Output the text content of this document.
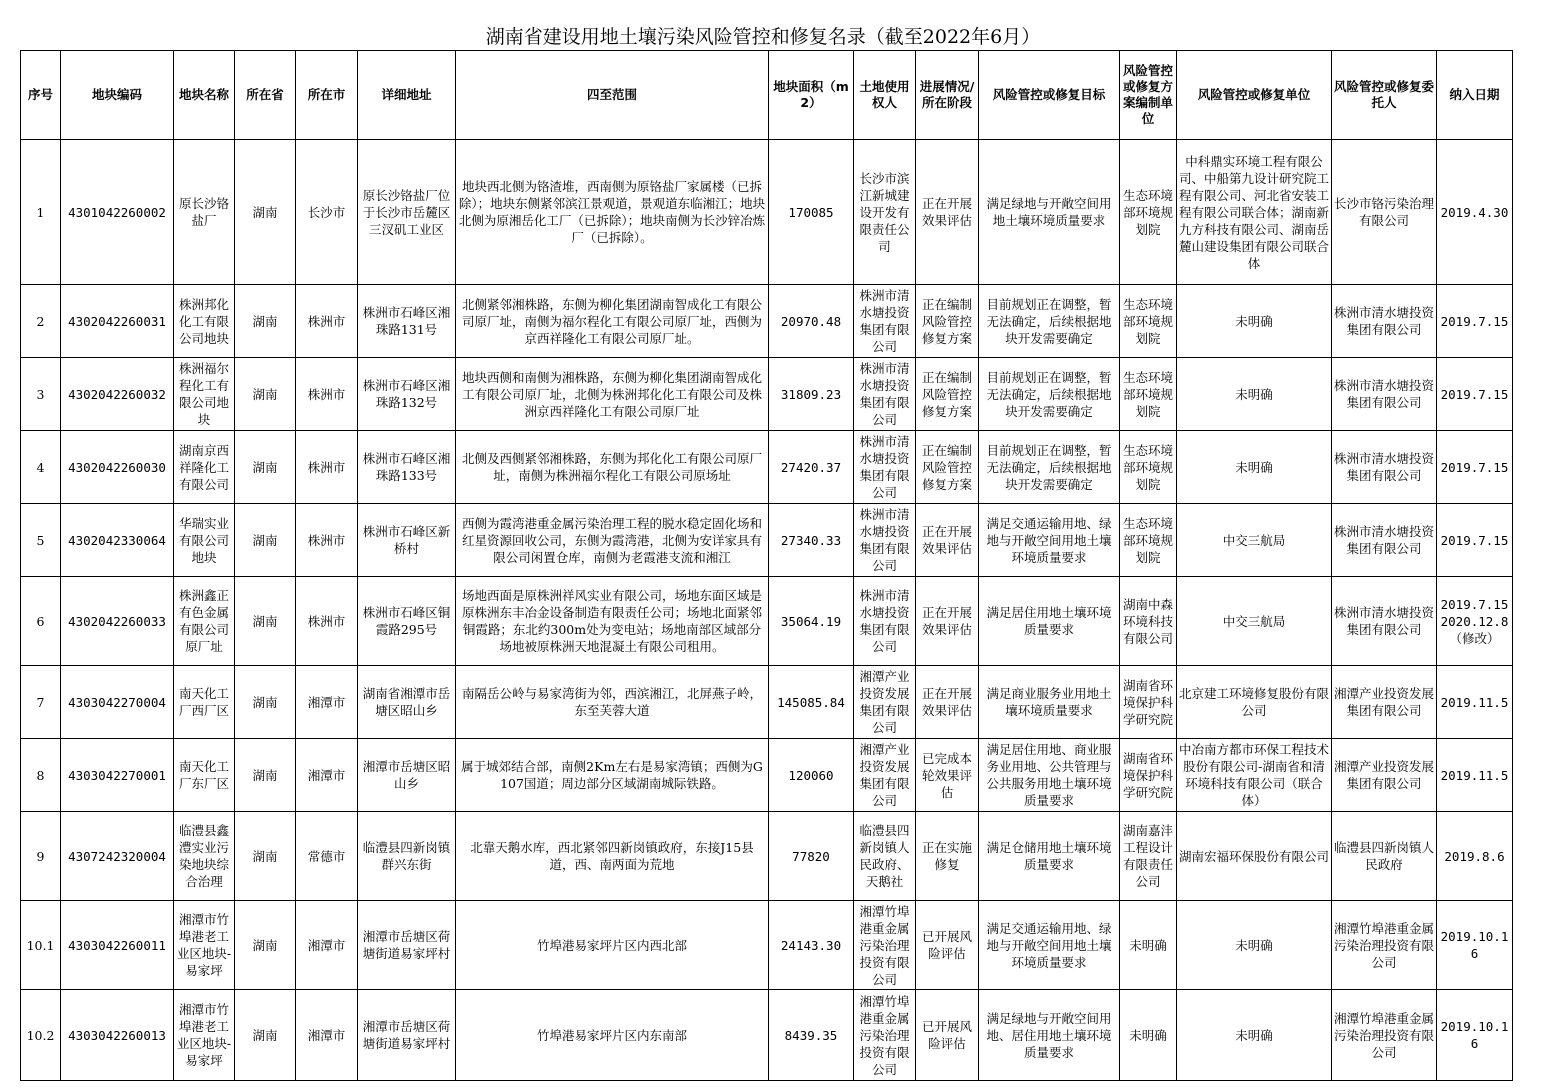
湖南省建设用地土壤污染风险管控和修复名录（截至2022年6月）
序号	地块编码	地块名称	所在省	所在市	详细地址	四至范围	地块面积（m2）	土地使用权人	进展情况/所在阶段	风险管控或修复目标	风险管控或修复方案编制单位	风险管控或修复单位	风险管控或修复委托人	纳入日期

1	4301042260002	原长沙铬盐厂	湖南	长沙市	原长沙铬盐厂位于长沙市岳麓区三汊矶工业区	地块西北侧为铬渣堆，西南侧为原铬盐厂家属楼（已拆除）；地块东侧紧邻滨江景观道，景观道东临湘江；地块北侧为原湘岳化工厂（已拆除）；地块南侧为长沙锌冶炼厂（已拆除）。	170085	长沙市滨江新城建设开发有限责任公司	正在开展效果评估	满足绿地与开敞空间用地土壤环境质量要求	生态环境部环境规划院	中科鼎实环境工程有限公司、中船第九设计研究院工程有限公司、河北省安装工程有限公司联合体；湖南新九方科技有限公司、湖南岳麓山建设集团有限公司联合体	长沙市铬污染治理有限公司	2019.4.30

2	4302042260031	株洲邦化化工有限公司地块	湖南	株洲市	株洲市石峰区湘珠路131号	北侧紧邻湘株路，东侧为柳化集团湖南智成化工有限公司原厂址，南侧为福尔程化工有限公司原厂址，西侧为京西祥隆化工有限公司原厂址。	20970.48	株洲市清水塘投资集团有限公司	正在编制风险管控修复方案	目前规划正在调整，暂无法确定，后续根据地块开发需要确定	生态环境部环境规划院	未明确	株洲市清水塘投资集团有限公司	2019.7.15

3	4302042260032	株洲福尔程化工有限公司地块	湖南	株洲市	株洲市石峰区湘珠路132号	地块西侧和南侧为湘株路，东侧为柳化集团湖南智成化工有限公司原厂址，北侧为株洲邦化化工有限公司及株洲京西祥隆化工有限公司原厂址	31809.23	株洲市清水塘投资集团有限公司	正在编制风险管控修复方案	目前规划正在调整，暂无法确定，后续根据地块开发需要确定	生态环境部环境规划院	未明确	株洲市清水塘投资集团有限公司	2019.7.15

4	4302042260030	湖南京西祥隆化工有限公司	湖南	株洲市	株洲市石峰区湘珠路133号	北侧及西侧紧邻湘株路，东侧为邦化化工有限公司原厂址，南侧为株洲福尔程化工有限公司原场址	27420.37	株洲市清水塘投资集团有限公司	正在编制风险管控修复方案	目前规划正在调整，暂无法确定，后续根据地块开发需要确定	生态环境部环境规划院	未明确	株洲市清水塘投资集团有限公司	2019.7.15

5	4302042330064	华瑞实业有限公司地块	湖南	株洲市	株洲市石峰区新桥村	西侧为霞湾港重金属污染治理工程的脱水稳定固化场和红星资源回收公司，东侧为霞湾港，北侧为安详家具有限公司闲置仓库，南侧为老霞港支流和湘江	27340.33	株洲市清水塘投资集团有限公司	正在开展效果评估	满足交通运输用地、绿地与开敞空间用地土壤环境质量要求	生态环境部环境规划院	中交三航局	株洲市清水塘投资集团有限公司	2019.7.15

6	4302042260033	株洲鑫正有色金属有限公司原厂址	湖南	株洲市	株洲市石峰区铜霞路295号	场地西面是原株洲祥风实业有限公司，场地东面区域是原株洲东丰冶金设备制造有限责任公司；场地北面紧邻铜霞路；东北约300m处为变电站；场地南部区域部分场地被原株洲天地混凝土有限公司租用。	35064.19	株洲市清水塘投资集团有限公司	正在开展效果评估	满足居住用地土壤环境质量要求	湖南中森环境科技有限公司	中交三航局	株洲市清水塘投资集团有限公司	2019.7.15 2020.12.8（修改）

7	4303042270004	南天化工厂西厂区	湖南	湘潭市	湖南省湘潭市岳塘区昭山乡	南隔岳公岭与易家湾街为邻，西滨湘江，北屏燕子岭，东至芙蓉大道	145085.84	湘潭产业投资发展集团有限公司	正在开展效果评估	满足商业服务业用地土壤环境质量要求	湖南省环境保护科学研究院	北京建工环境修复股份有限公司	湘潭产业投资发展集团有限公司	2019.11.5

8	4303042270001	南天化工厂东厂区	湖南	湘潭市	湘潭市岳塘区昭山乡	属于城郊结合部，南侧2Km左右是易家湾镇；西侧为G107国道；周边部分区域湖南城际铁路。	120060	湘潭产业投资发展集团有限公司	已完成本轮效果评估	满足居住用地、商业服务业用地、公共管理与公共服务用地土壤环境质量要求	湖南省环境保护科学研究院	中冶南方都市环保工程技术股份有限公司-湖南省和清环境科技有限公司（联合体）	湘潭产业投资发展集团有限公司	2019.11.5

9	4307242320004	临澧县鑫澧实业污染地块综合治理	湖南	常德市	临澧县四新岗镇群兴东街	北靠天鹅水库，西北紧邻四新岗镇政府，东接J15县道，西、南两面为荒地	77820	临澧县四新岗镇人民政府、天鹅社	正在实施修复	满足仓储用地土壤环境质量要求	湖南嘉沣工程设计有限责任公司	湖南宏福环保股份有限公司	临澧县四新岗镇人民政府	2019.8.6

10.1	4303042260011	湘潭市竹埠港老工业区地块-易家坪	湖南	湘潭市	湘潭市岳塘区荷塘街道易家坪村	竹埠港易家坪片区内西北部	24143.30	湘潭竹埠港重金属污染治理投资有限公司	已开展风险评估	满足交通运输用地、绿地与开敞空间用地土壤环境质量要求	未明确	未明确	湘潭竹埠港重金属污染治理投资有限公司	2019.10.16

10.2	4303042260013	湘潭市竹埠港老工业区地块-易家坪	湖南	湘潭市	湘潭市岳塘区荷塘街道易家坪村	竹埠港易家坪片区内东南部	8439.35	湘潭竹埠港重金属污染治理投资有限公司	已开展风险评估	满足绿地与开敞空间用地、居住用地土壤环境质量要求	未明确	未明确	湘潭竹埠港重金属污染治理投资有限公司	2019.10.16
